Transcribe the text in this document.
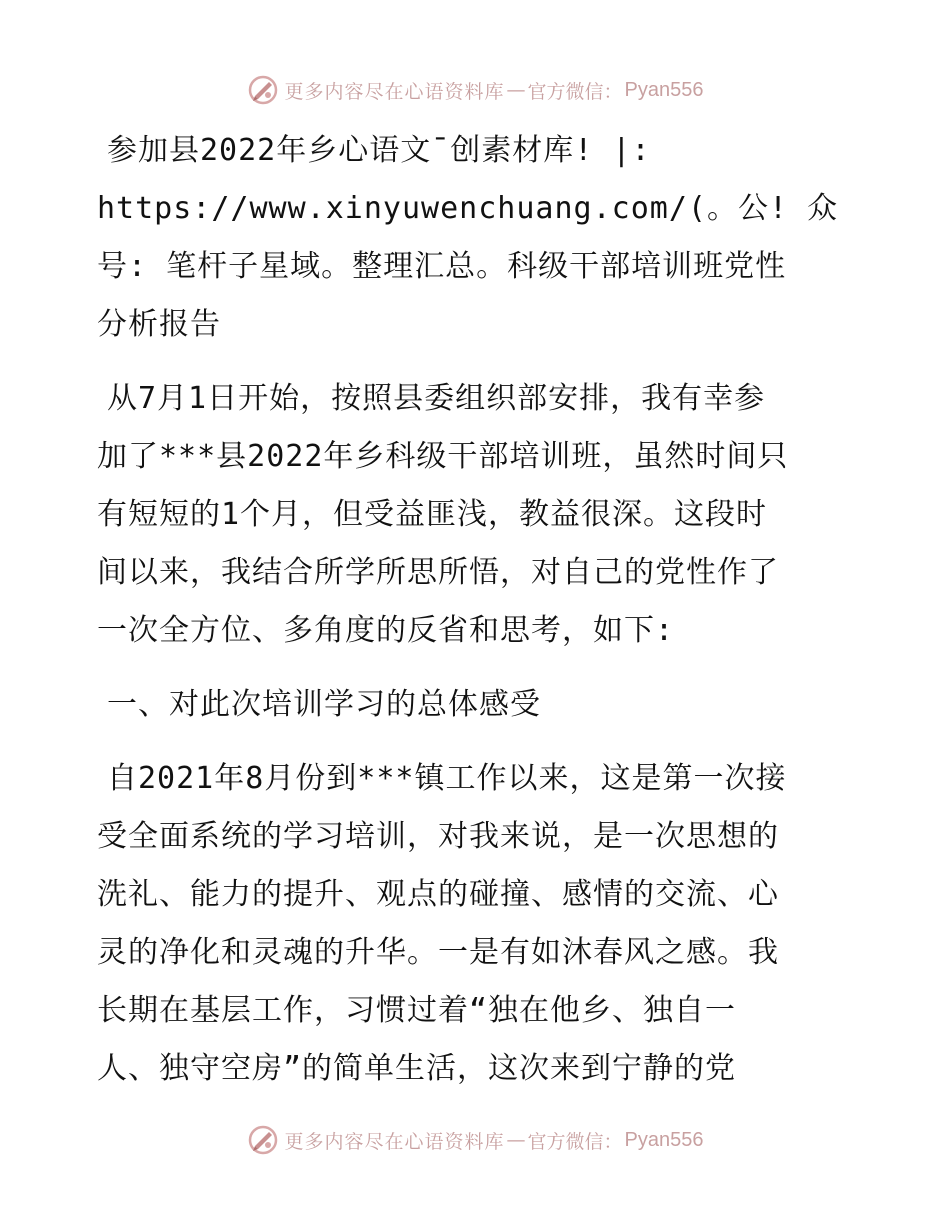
更多内容尽在心语资料库 — 官方微信： Pyan556

参加县2022年乡心语文¯创素材库! |:
https://www.xinyuwenchuang.com/(。公! 众
号: 笔杆子星域。整理汇总。科级干部培训班党性
分析报告

从7月1日开始，按照县委组织部安排，我有幸参
加了***县2022年乡科级干部培训班，虽然时间只
有短短的1个月，但受益匪浅，教益很深。这段时
间以来，我结合所学所思所悟，对自己的党性作了
一次全方位、多角度的反省和思考，如下:

一、对此次培训学习的总体感受

自2021年8月份到***镇工作以来，这是第一次接
受全面系统的学习培训，对我来说，是一次思想的
洗礼、能力的提升、观点的碰撞、感情的交流、心
灵的净化和灵魂的升华。一是有如沐春风之感。我
长期在基层工作，习惯过着“独在他乡、独自一
人、独守空房”的简单生活，这次来到宁静的党

更多内容尽在心语资料库 — 官方微信： Pyan556
